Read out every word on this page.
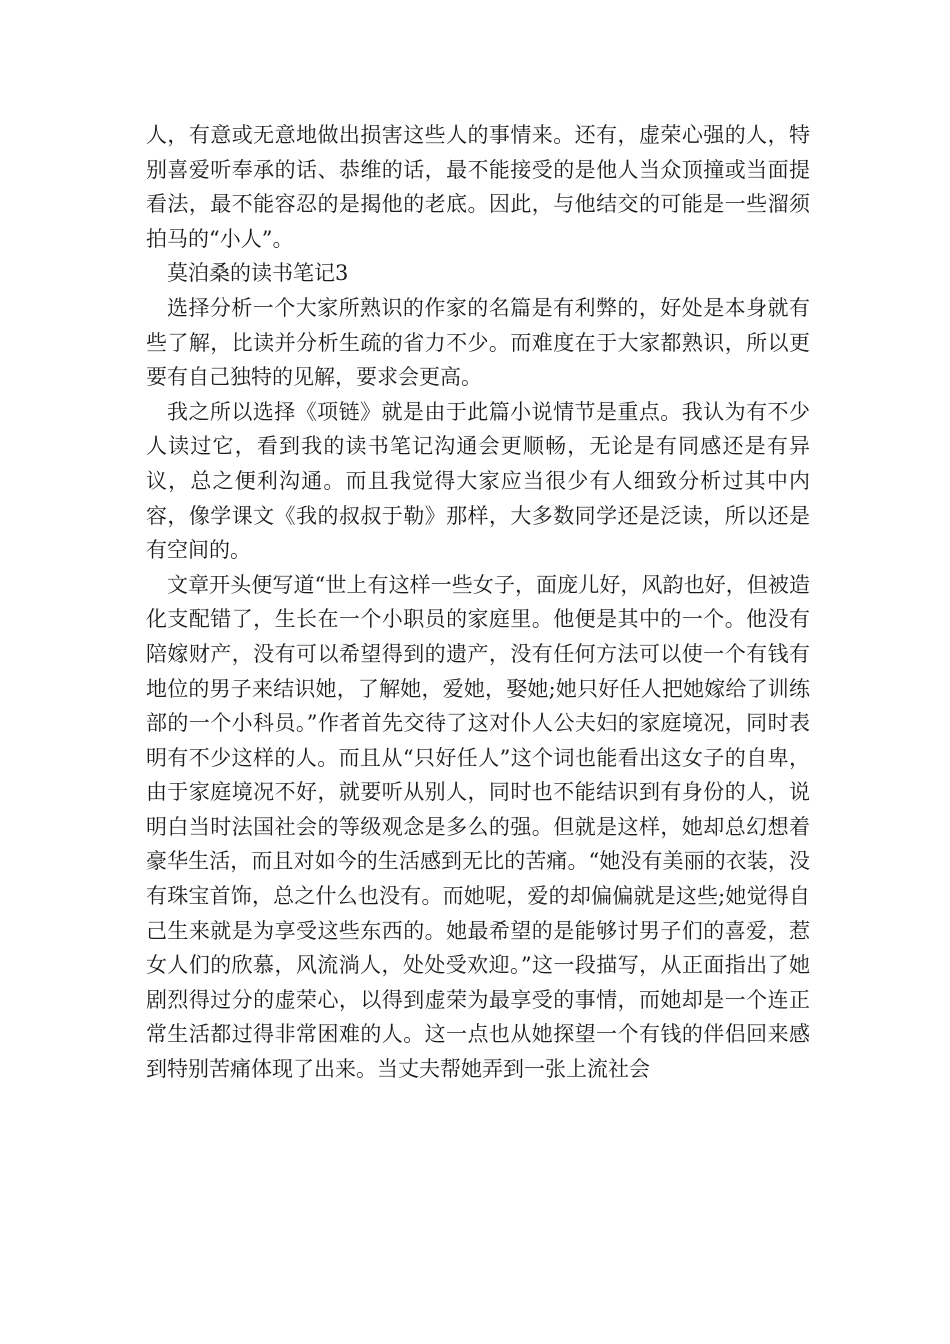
人，有意或无意地做出损害这些人的事情来。还有，虚荣心强的人，特别喜爱听奉承的话、恭维的话，最不能接受的是他人当众顶撞或当面提看法，最不能容忍的是揭他的老底。因此，与他结交的可能是一些溜须拍马的“小人”。

莫泊桑的读书笔记3

选择分析一个大家所熟识的作家的名篇是有利弊的，好处是本身就有些了解，比读并分析生疏的省力不少。而难度在于大家都熟识，所以更要有自己独特的见解，要求会更高。

我之所以选择《项链》就是由于此篇小说情节是重点。我认为有不少人读过它，看到我的读书笔记沟通会更顺畅，无论是有同感还是有异议，总之便利沟通。而且我觉得大家应当很少有人细致分析过其中内容，像学课文《我的叔叔于勒》那样，大多数同学还是泛读，所以还是有空间的。

文章开头便写道“世上有这样一些女子，面庞儿好，风韵也好，但被造化支配错了，生长在一个小职员的家庭里。他便是其中的一个。他没有陪嫁财产，没有可以希望得到的遗产，没有任何方法可以使一个有钱有地位的男子来结识她，了解她，爱她，娶她;她只好任人把她嫁给了训练部的一个小科员。”作者首先交待了这对仆人公夫妇的家庭境况，同时表明有不少这样的人。而且从“只好任人”这个词也能看出这女子的自卑，由于家庭境况不好，就要听从别人，同时也不能结识到有身份的人，说明白当时法国社会的等级观念是多么的强。但就是这样，她却总幻想着豪华生活，而且对如今的生活感到无比的苦痛。“她没有美丽的衣装，没有珠宝首饰，总之什么也没有。而她呢，爱的却偏偏就是这些;她觉得自己生来就是为享受这些东西的。她最希望的是能够讨男子们的喜爱，惹女人们的欣慕，风流淌人，处处受欢迎。”这一段描写，从正面指出了她剧烈得过分的虚荣心，以得到虚荣为最享受的事情，而她却是一个连正常生活都过得非常困难的人。这一点也从她探望一个有钱的伴侣回来感到特别苦痛体现了出来。当丈夫帮她弄到一张上流社会
